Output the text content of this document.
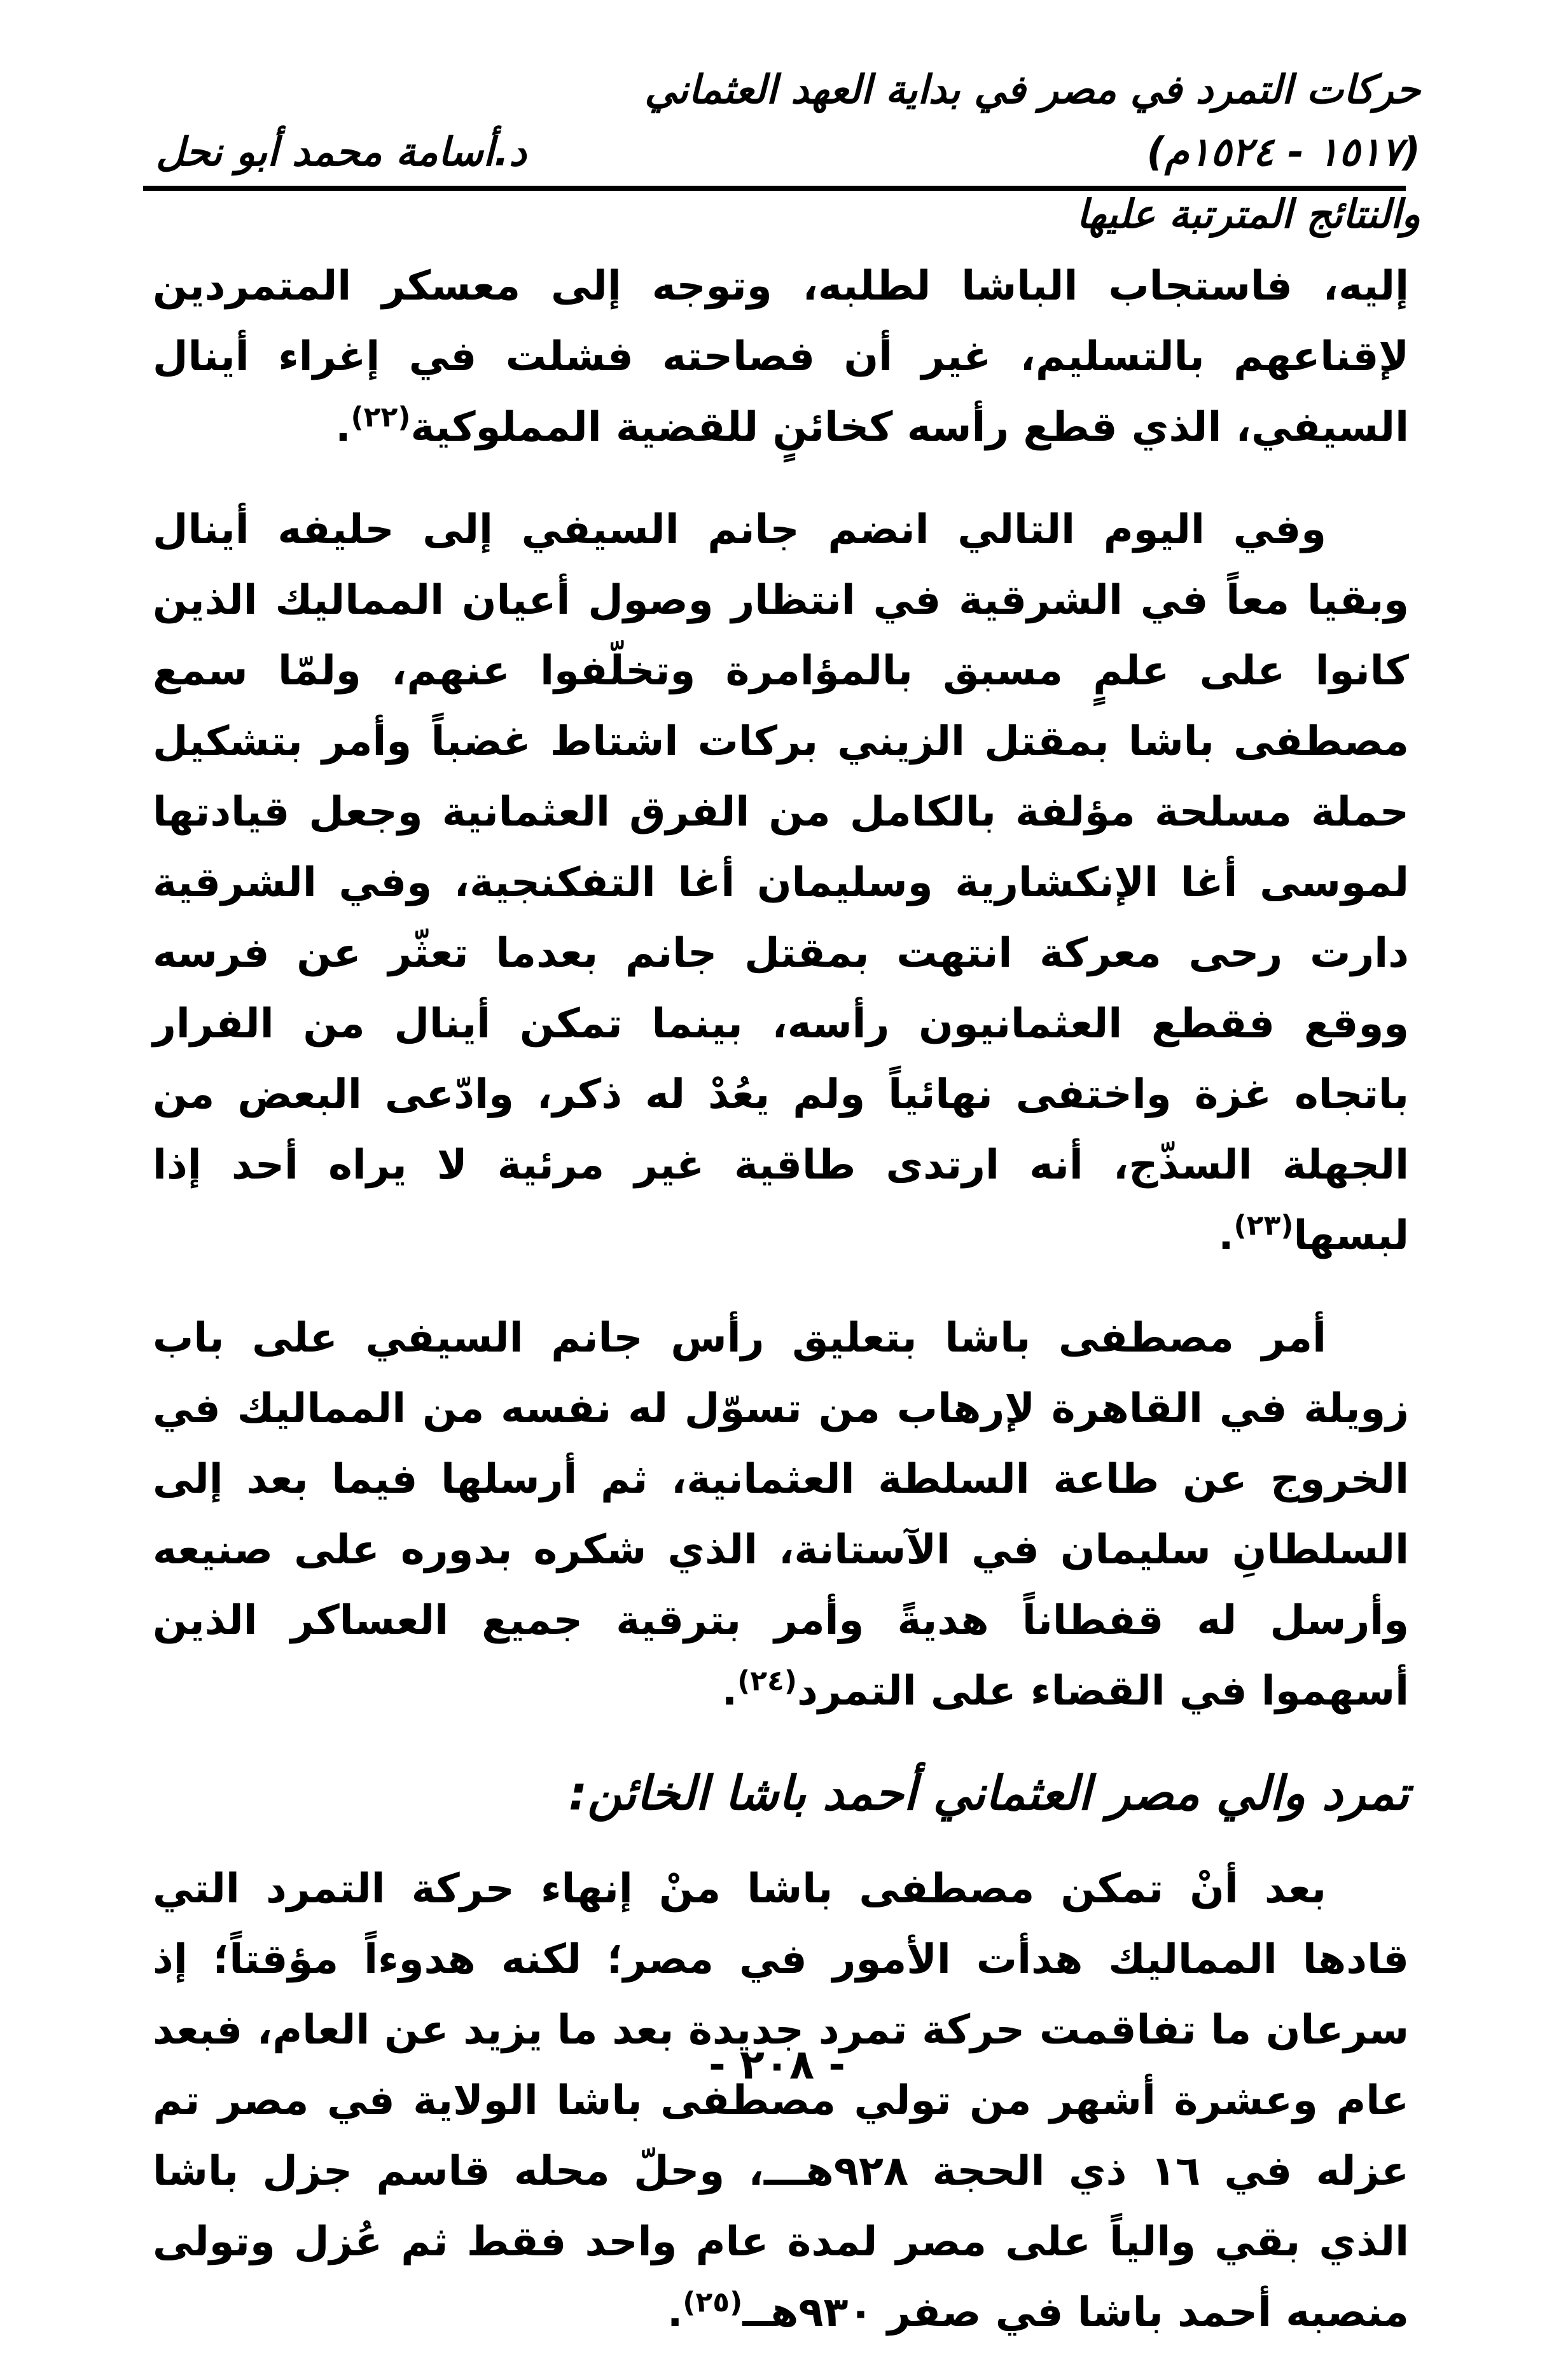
حركات التمرد في مصر في بداية العهد العثماني (١٥١٧ - ١٥٢٤م)
والنتائج المترتبة عليها
د.أسامة محمد أبو نحل

إليه، فاستجاب الباشا لطلبه، وتوجه إلى معسكر المتمردين لإقناعهم بالتسليم، غير أن فصاحته فشلت في إغراء أينال السيفي، الذي قطع رأسه كخائنٍ للقضية المملوكية$^{(٢٢)}$.

وفي اليوم التالي انضم جانم السيفي إلى حليفه أينال وبقيا معاً في الشرقية في انتظار وصول أعيان المماليك الذين كانوا على علمٍ مسبق بالمؤامرة وتخلّفوا عنهم، ولمّا سمع مصطفى باشا بمقتل الزيني بركات اشتاط غضباً وأمر بتشكيل حملة مسلحة مؤلفة بالكامل من الفرق العثمانية وجعل قيادتها لموسى أغا الإنكشارية وسليمان أغا التفكنجية، وفي الشرقية دارت رحى معركة انتهت بمقتل جانم بعدما تعثّر عن فرسه ووقع فقطع العثمانيون رأسه، بينما تمكن أينال من الفرار باتجاه غزة واختفى نهائياً ولم يعُدْ له ذكر، وادّعى البعض من الجهلة السذّج، أنه ارتدى طاقية غير مرئية لا يراه أحد إذا لبسها$^{(٢٣)}$.

أمر مصطفى باشا بتعليق رأس جانم السيفي على باب زويلة في القاهرة لإرهاب من تسوّل له نفسه من المماليك في الخروج عن طاعة السلطة العثمانية، ثم أرسلها فيما بعد إلى السلطانِ سليمان في الآستانة، الذي شكره بدوره على صنيعه وأرسل له قفطاناً هديةً وأمر بترقية جميع العساكر الذين أسهموا في القضاء على التمرد$^{(٢٤)}$.

تمرد والي مصر العثماني أحمد باشا الخائن:

بعد أنْ تمكن مصطفى باشا منْ إنهاء حركة التمرد التي قادها المماليك هدأت الأمور في مصر؛ لكنه هدوءاً مؤقتاً؛ إذ سرعان ما تفاقمت حركة تمرد جديدة بعد ما يزيد عن العام، فبعد عام وعشرة أشهر من تولي مصطفى باشا الولاية في مصر تم عزله في ١٦ ذي الحجة ٩٢٨هـــ، وحلّ محله قاسم جزل باشا الذي بقي والياً على مصر لمدة عام واحد فقط ثم عُزل وتولى منصبه أحمد باشا في صفر ٩٣٠هــ$^{(٢٥)}$.

- ٢٠٨ -
